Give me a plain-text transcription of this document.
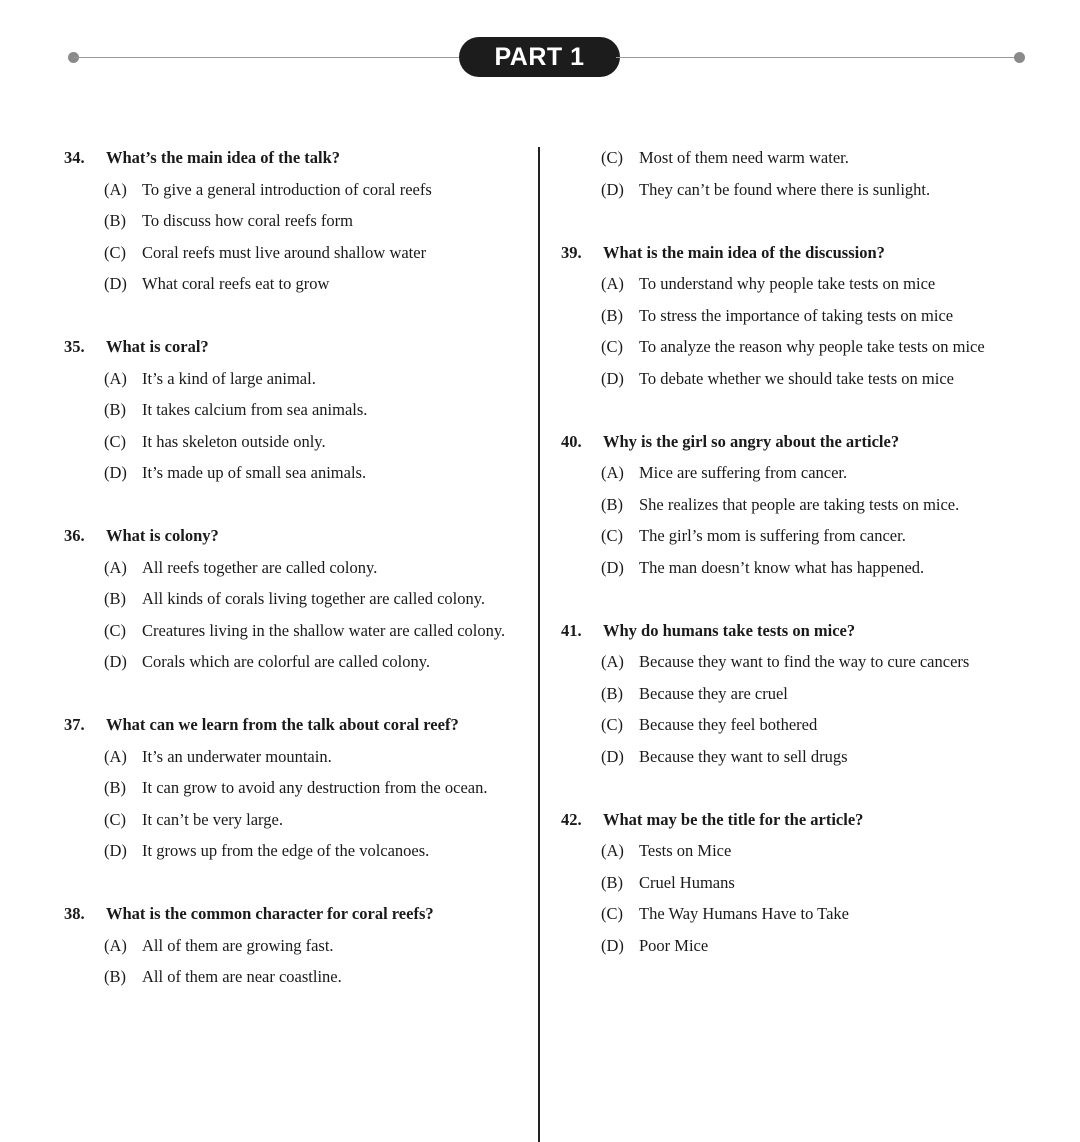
PART 1
34.	What’s the main idea of the talk?
(A) To give a general introduction of coral reefs
(B) To discuss how coral reefs form
(C) Coral reefs must live around shallow water
(D) What coral reefs eat to grow
35.	What is coral?
(A) It’s a kind of large animal.
(B) It takes calcium from sea animals.
(C) It has skeleton outside only.
(D) It’s made up of small sea animals.
36.	What is colony?
(A) All reefs together are called colony.
(B) All kinds of corals living together are called colony.
(C) Creatures living in the shallow water are called colony.
(D) Corals which are colorful are called colony.
37.	What can we learn from the talk about coral reef?
(A) It’s an underwater mountain.
(B) It can grow to avoid any destruction from the ocean.
(C) It can’t be very large.
(D) It grows up from the edge of the volcanoes.
38.	What is the common character for coral reefs?
(A) All of them are growing fast.
(B) All of them are near coastline.
(C) Most of them need warm water.
(D) They can’t be found where there is sunlight.
39.	What is the main idea of the discussion?
(A) To understand why people take tests on mice
(B) To stress the importance of taking tests on mice
(C) To analyze the reason why people take tests on mice
(D) To debate whether we should take tests on mice
40.	Why is the girl so angry about the article?
(A) Mice are suffering from cancer.
(B) She realizes that people are taking tests on mice.
(C) The girl’s mom is suffering from cancer.
(D) The man doesn’t know what has happened.
41.	Why do humans take tests on mice?
(A) Because they want to find the way to cure cancers
(B) Because they are cruel
(C) Because they feel bothered
(D) Because they want to sell drugs
42.	What may be the title for the article?
(A) Tests on Mice
(B) Cruel Humans
(C) The Way Humans Have to Take
(D) Poor Mice
